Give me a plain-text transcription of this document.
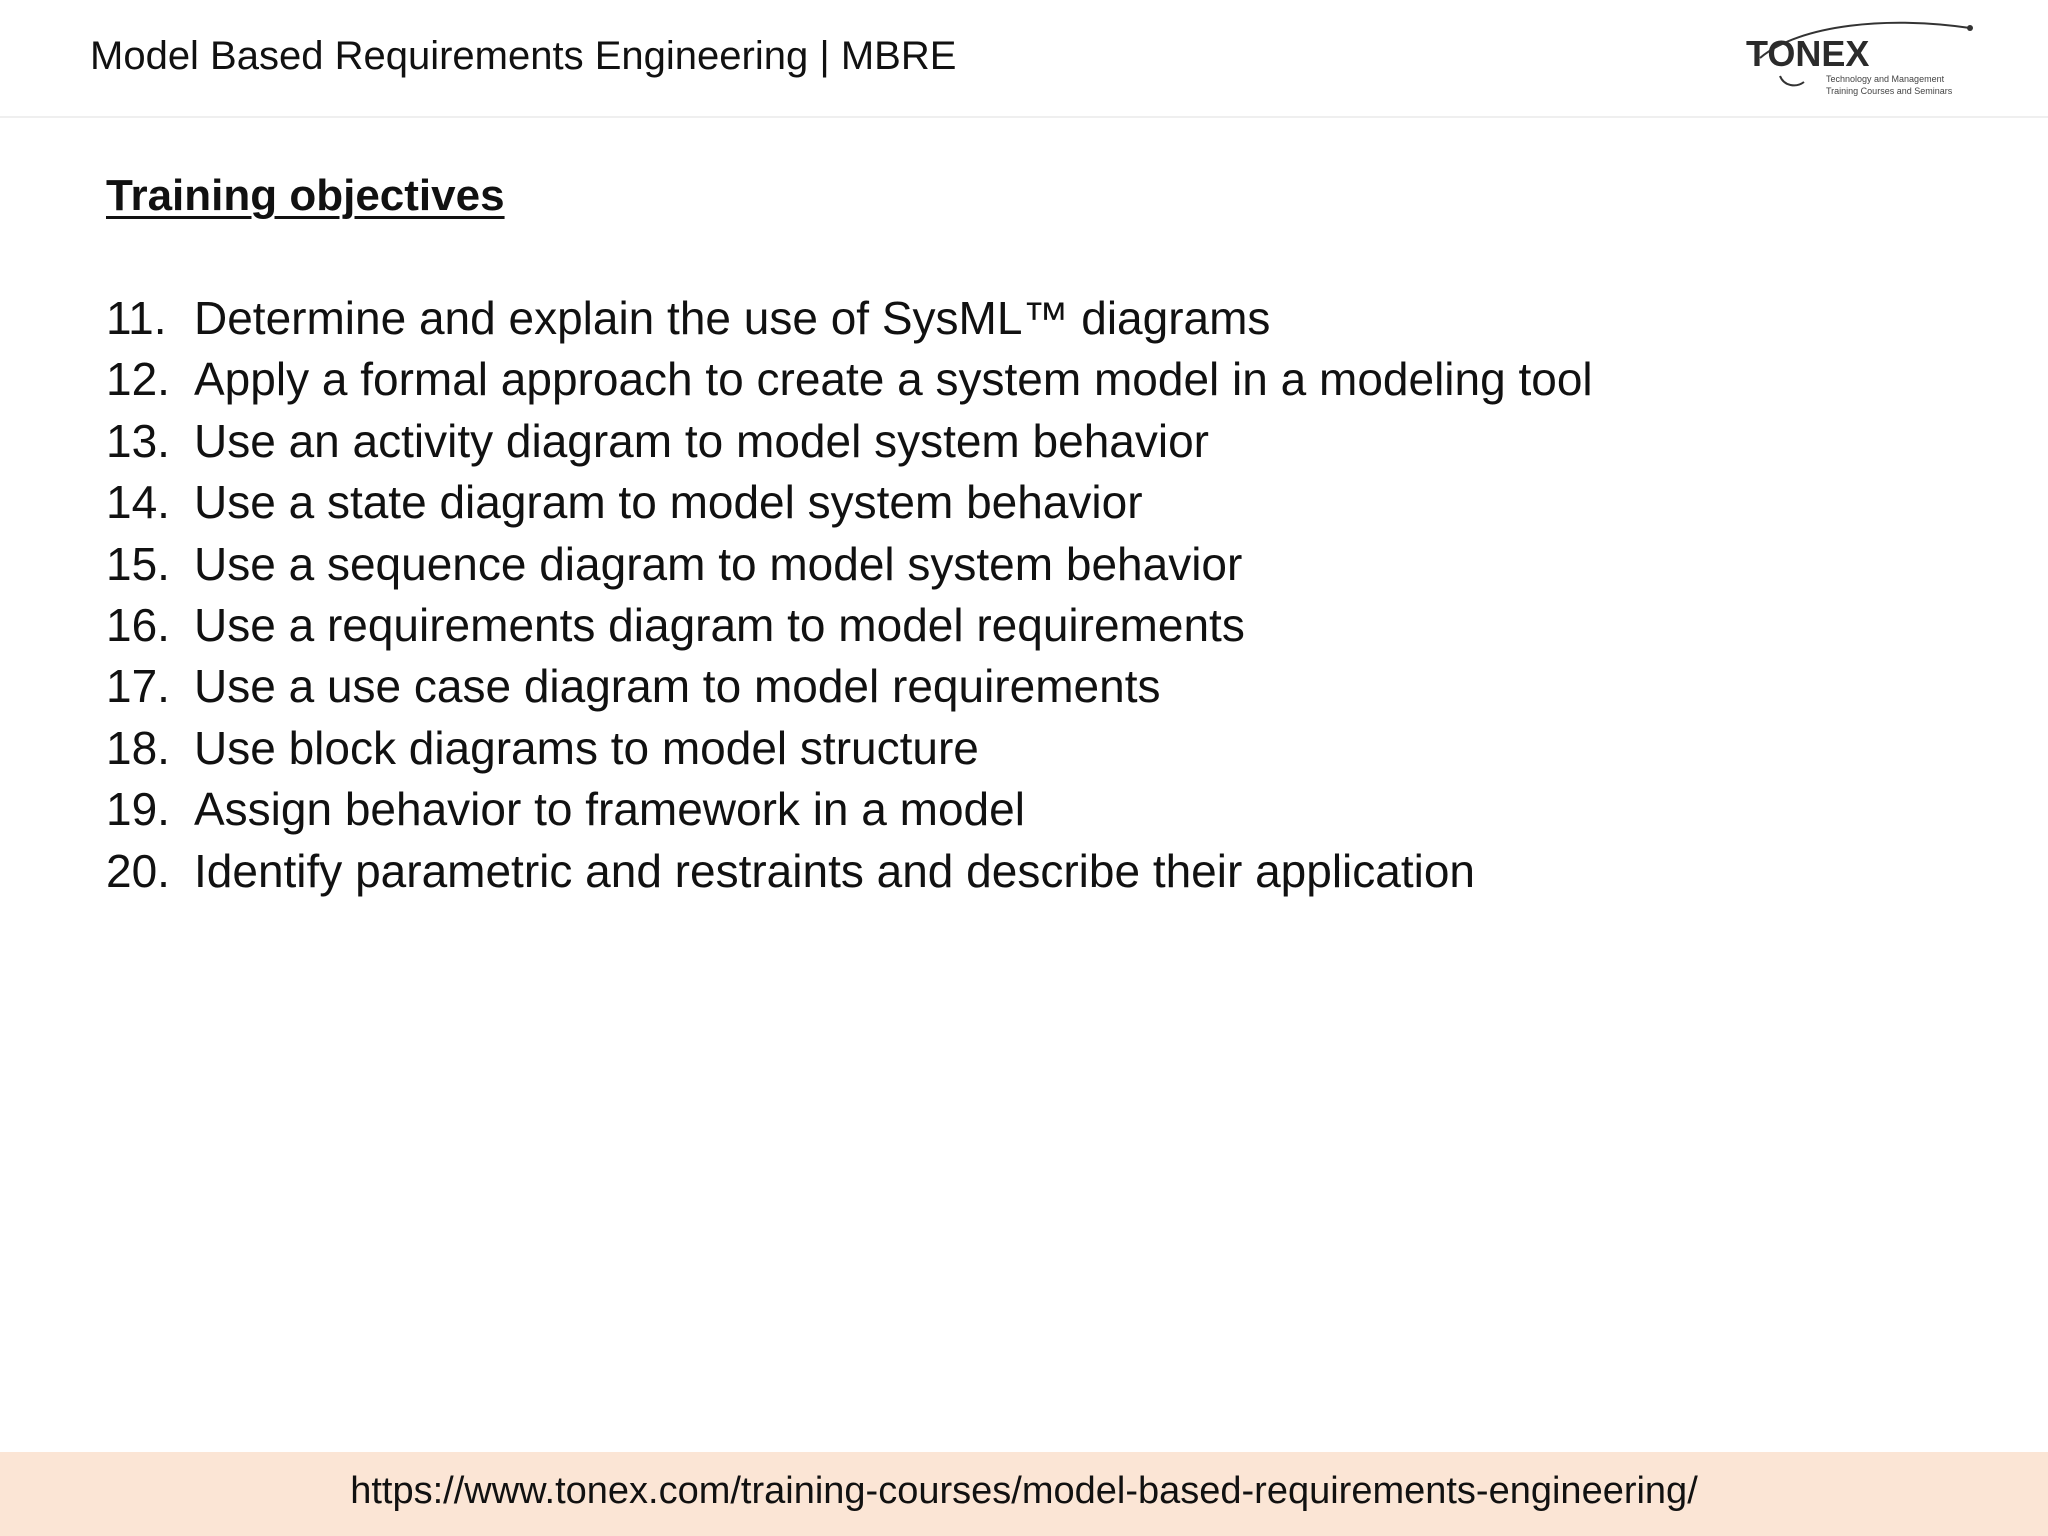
Model Based Requirements Engineering | MBRE	TONEX
Technology and Management
Training Courses and Seminars
Training objectives
11. Determine and explain the use of SysML™ diagrams
12. Apply a formal approach to create a system model in a modeling tool
13. Use an activity diagram to model system behavior
14. Use a state diagram to model system behavior
15. Use a sequence diagram to model system behavior
16. Use a requirements diagram to model requirements
17. Use a use case diagram to model requirements
18. Use block diagrams to model structure
19. Assign behavior to framework in a model
20. Identify parametric and restraints and describe their application
https://www.tonex.com/training-courses/model-based-requirements-engineering/
